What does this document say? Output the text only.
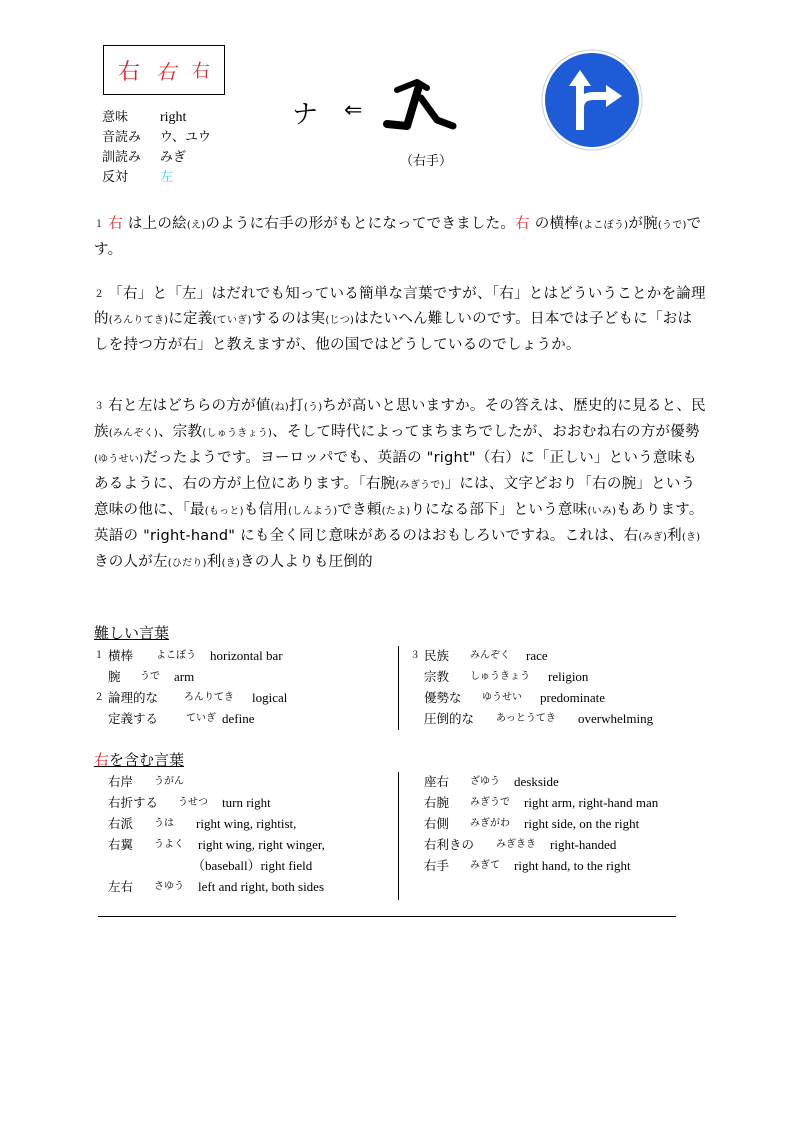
右 右 右
意味	right
音読み	ウ、ユウ
訓読み	みぎ
反対	左
ナ ⇐
（右手）
１ 右 は上の絵(え)のように右手の形がもとになってできました。右 の横棒(よこぼう)が腕(うで)です。
２ 「右」と「左」はだれでも知っている簡単な言葉ですが、「右」とはどういうことかを論理的(ろんりてき)に定義(ていぎ)するのは実(じつ)はたいへん難しいのです。日本では子どもに「おはしを持つ方が右」と教えますが、他の国ではどうしているのでしょうか。
３ 右と左はどちらの方が値(ね)打(う)ちが高いと思いますか。その答えは、歴史的に見ると、民族(みんぞく)、宗教(しゅうきょう)、そして時代によってまちまちでしたが、おおむね右の方が優勢(ゆうせい)だったようです。ヨーロッパでも、英語の "right"（右）に「正しい」という意味もあるように、右の方が上位にあります。「右腕(みぎうで)」には、文字どおり「右の腕」という意味の他に、「最(もっと)も信用(しんよう)でき頼(たよ)りになる部下」という意味(いみ)もあります。英語の "right-hand" にも全く同じ意味があるのはおもしろいですね。これは、右(みぎ)利(き)きの人が左(ひだり)利(き)きの人よりも圧倒的
難しい言葉
１ 横棒 よこぼう horizontal bar
腕 うで arm
２ 論理的な	ろんりてき logical
定義する	ていぎ define
３ 民族 みんぞく race
宗教 しゅうきょう religion
優勢な ゆうせい predominate
圧倒的な あっとうてき overwhelming
右を含む言葉
右岸 うがん
右折する うせつ turn right
右派 うは right wing, rightist,
右翼 うよく right wing, right winger,
（baseball）right field
左右 さゆう left and right, both sides
座右 ざゆう deskside
右腕 みぎうで right arm, right-hand man
右側 みぎがわ right side, on the right
右利きの みぎきき right-handed
右手 みぎて right hand, to the right
